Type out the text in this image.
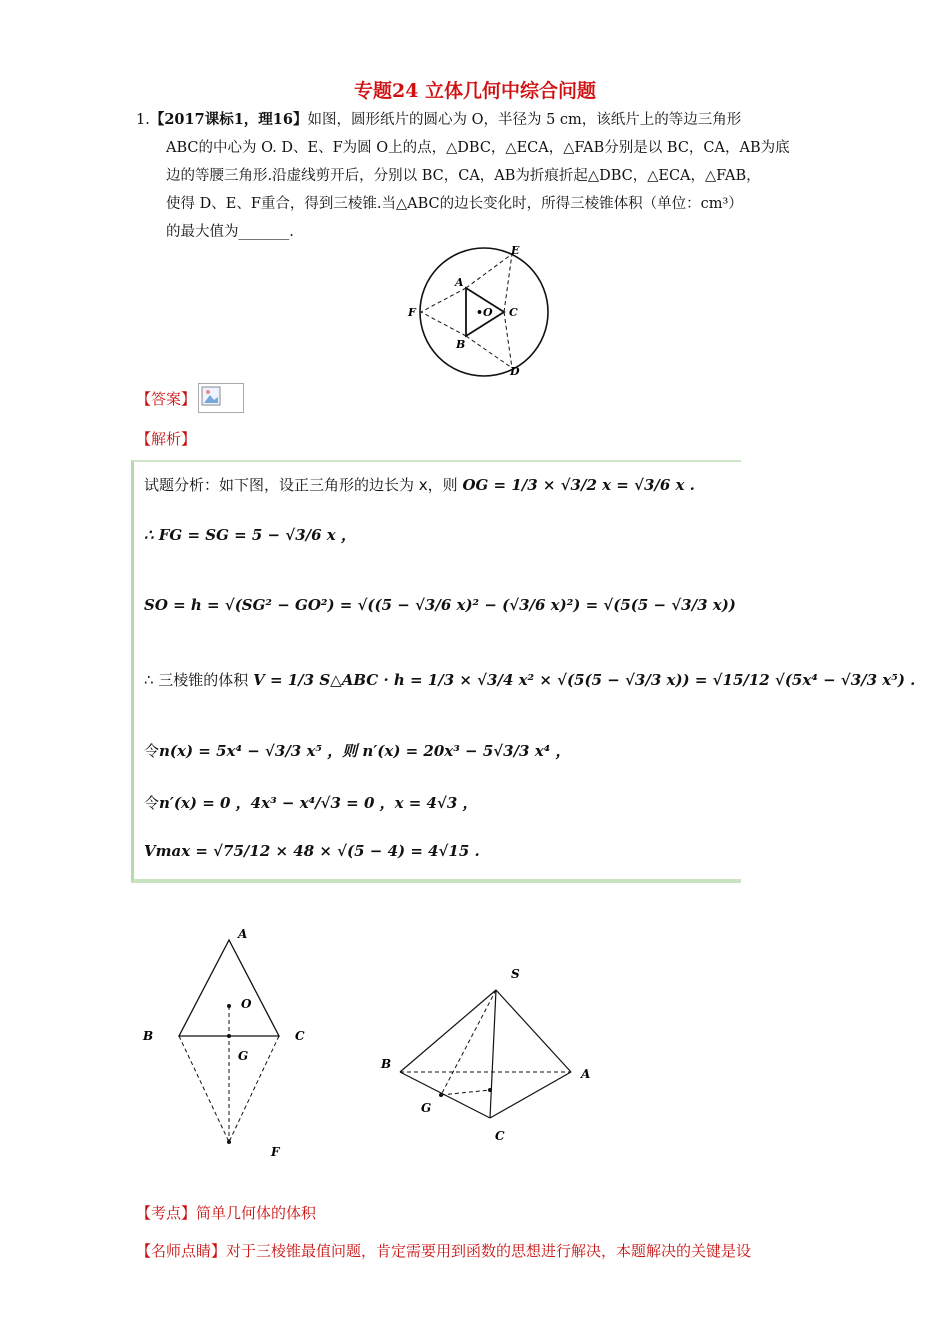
专题24 立体几何中综合问题
1.【2017课标1，理16】如图，圆形纸片的圆心为 O，半径为 5 cm，该纸片上的等边三角形
ABC的中心为 O. D、E、F为圆 O上的点，△DBC，△ECA，△FAB分别是以 BC，CA，AB为底
边的等腰三角形.沿虚线剪开后，分别以 BC，CA，AB为折痕折起△DBC，△ECA，△FAB，
使得 D、E、F重合，得到三棱锥.当△ABC的边长变化时，所得三棱锥体积（单位：cm³）
的最大值为_______.
A
B
C
D
E
F	•O
【答案】
【解析】
试题分析：如下图，设正三角形的边长为 x，则 OG = 1/3 × √3/2 x = √3/6 x .
∴ FG = SG = 5 − √3/6 x ，
SO = h = √(SG² − GO²) = √((5 − √3/6 x)² − (√3/6 x)²) = √(5(5 − √3/3 x))
∴ 三棱锥的体积 V = 1/3 S△ABC · h = 1/3 × √3/4 x² × √(5(5 − √3/3 x)) = √15/12 √(5x⁴ − √3/3 x⁵) .
令n(x) = 5x⁴ − √3/3 x⁵ ，则 n′(x) = 20x³ − 5√3/3 x⁴ ，
令n′(x) = 0 ，4x³ − x⁴/√3 = 0 ，x = 4√3 ，
Vmax = √75/12 × 48 × √(5 − 4) = 4√15 .
A
O
B	C
G
F
S
B
A
G
C
【考点】简单几何体的体积
【名师点睛】对于三棱锥最值问题，肯定需要用到函数的思想进行解决，本题解决的关键是设
